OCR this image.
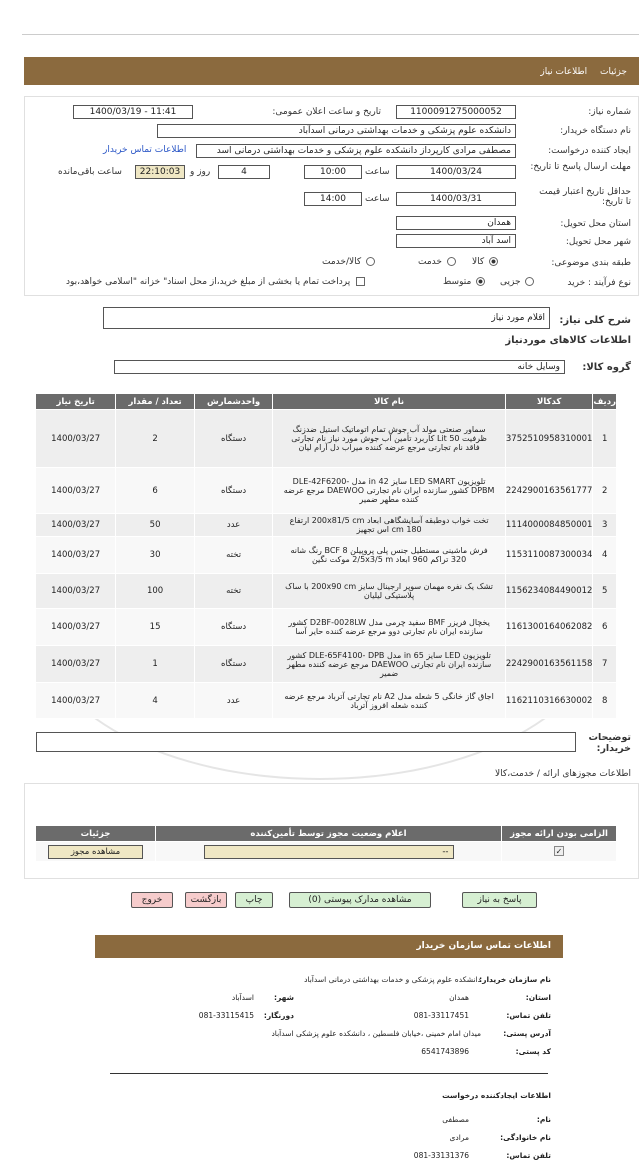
جزئیات اطلاعات نیاز
شماره نیاز:
1100091275000052
تاریخ و ساعت اعلان عمومی:
1400/03/19 - 11:41
نام دستگاه خریدار:
دانشکده علوم پزشکی و خدمات بهداشتی درمانی اسدآباد
ایجاد کننده درخواست:
مصطفی مرادی کارپرداز دانشکده علوم پزشکی و خدمات بهداشتی درمانی اسد
اطلاعات تماس خریدار
مهلت ارسال پاسخ تا تاریخ:
1400/03/24
ساعت
10:00
4
روز و
22:10:03
ساعت باقی‌مانده
حداقل تاریخ اعتبار قیمت تا تاریخ:
1400/03/31
ساعت
14:00
استان محل تحویل:
همدان
شهر محل تحویل:
اسد آباد
طبقه بندی موضوعی:
کالا
خدمت
کالا/خدمت
نوع فرآیند : خرید
جزیی
متوسط
پرداخت تمام یا بخشی از مبلغ خرید،از محل اسناد" خزانه "اسلامی خواهد،بود
شرح کلی نیاز:
اقلام مورد نیاز
اطلاعات کالاهای موردنیاز
گروه کالا:
وسایل خانه
ردیف	کدکالا	نام کالا	واحدشمارش	تعداد / مقدار	تاریخ نیاز
1	3752510958310001	سماور صنعتی مولد آب جوش تمام اتوماتیک استیل ضدزنگ ظرفیت 50 Lit کاربرد تأمین آب جوش مورد نیاز نام تجارتی فاقد نام تجارتی مرجع عرضه کننده میراب دل آرام لیان	دستگاه	2	1400/03/27
2	2242900163561777	تلویزیون LED SMART سایز 42 in مدل DLE-42F6200- DPBM کشور سازنده ایران نام تجارتی DAEWOO مرجع عرضه کننده مطهر ضمیر	دستگاه	6	1400/03/27
3	1114000084850001	تخت خواب دوطبقه آسایشگاهی ابعاد 200x81/5 cm ارتفاع 180 cm اس تجهیز	عدد	50	1400/03/27
4	1153110087300034	فرش ماشینی مستطیل جنس پلی پروپیلن BCF 8 رنگ شانه 320 تراکم 960 ابعاد 2/5x3/5 m موکت نگین	تخته	30	1400/03/27
5	1156234084490012	تشک یک نفره مهمان سوپر ارجینال سایز 200x90 cm با ساک پلاستیکی لیلیان	تخته	100	1400/03/27
6	1161300164062082	یخچال فریزر BMF سفید چرمی مدل D2BF-0028LW کشور سازنده ایران نام تجارتی دوو مرجع عرضه کننده حایر آسا	دستگاه	15	1400/03/27
7	2242900163561158	تلویزیون LED سایز 65 in مدل DLE-65F4100- DPB کشور سازنده ایران نام تجارتی DAEWOO مرجع عرضه کننده مطهر ضمیر	دستگاه	1	1400/03/27
8	1162110316630002	اجاق گاز خانگی 5 شعله مدل A2 نام تجارتی آترباد مرجع عرضه کننده شعله افروز آترباد	عدد	4	1400/03/27
توضیحات خریدار:
اطلاعات مجوزهای ارائه / خدمت،کالا
الزامی بودن ارائه مجوز	اعلام وضعیت مجوز توسط تأمین‌کننده	جزئیات
✓	--	مشاهده مجوز
پاسخ به نیاز
مشاهده مدارک پیوستی (0)
چاپ
بازگشت
خروج
اطلاعات تماس سازمان خریدار
نام سازمان خریدار:
دانشکده علوم پزشکی و خدمات بهداشتی درمانی اسدآباد
استان:
همدان
شهر:
اسدآباد
تلفن تماس:
081-33117451
دورنگار:
081-33115415
آدرس پستی:
میدان امام خمینی ،خیابان فلسطین ، دانشکده علوم پزشکی اسدآباد
کد پستی:
6541743896
اطلاعات ایجادکننده درخواست
نام:
مصطفی
نام خانوادگی:
مرادی
تلفن تماس:
081-33131376
